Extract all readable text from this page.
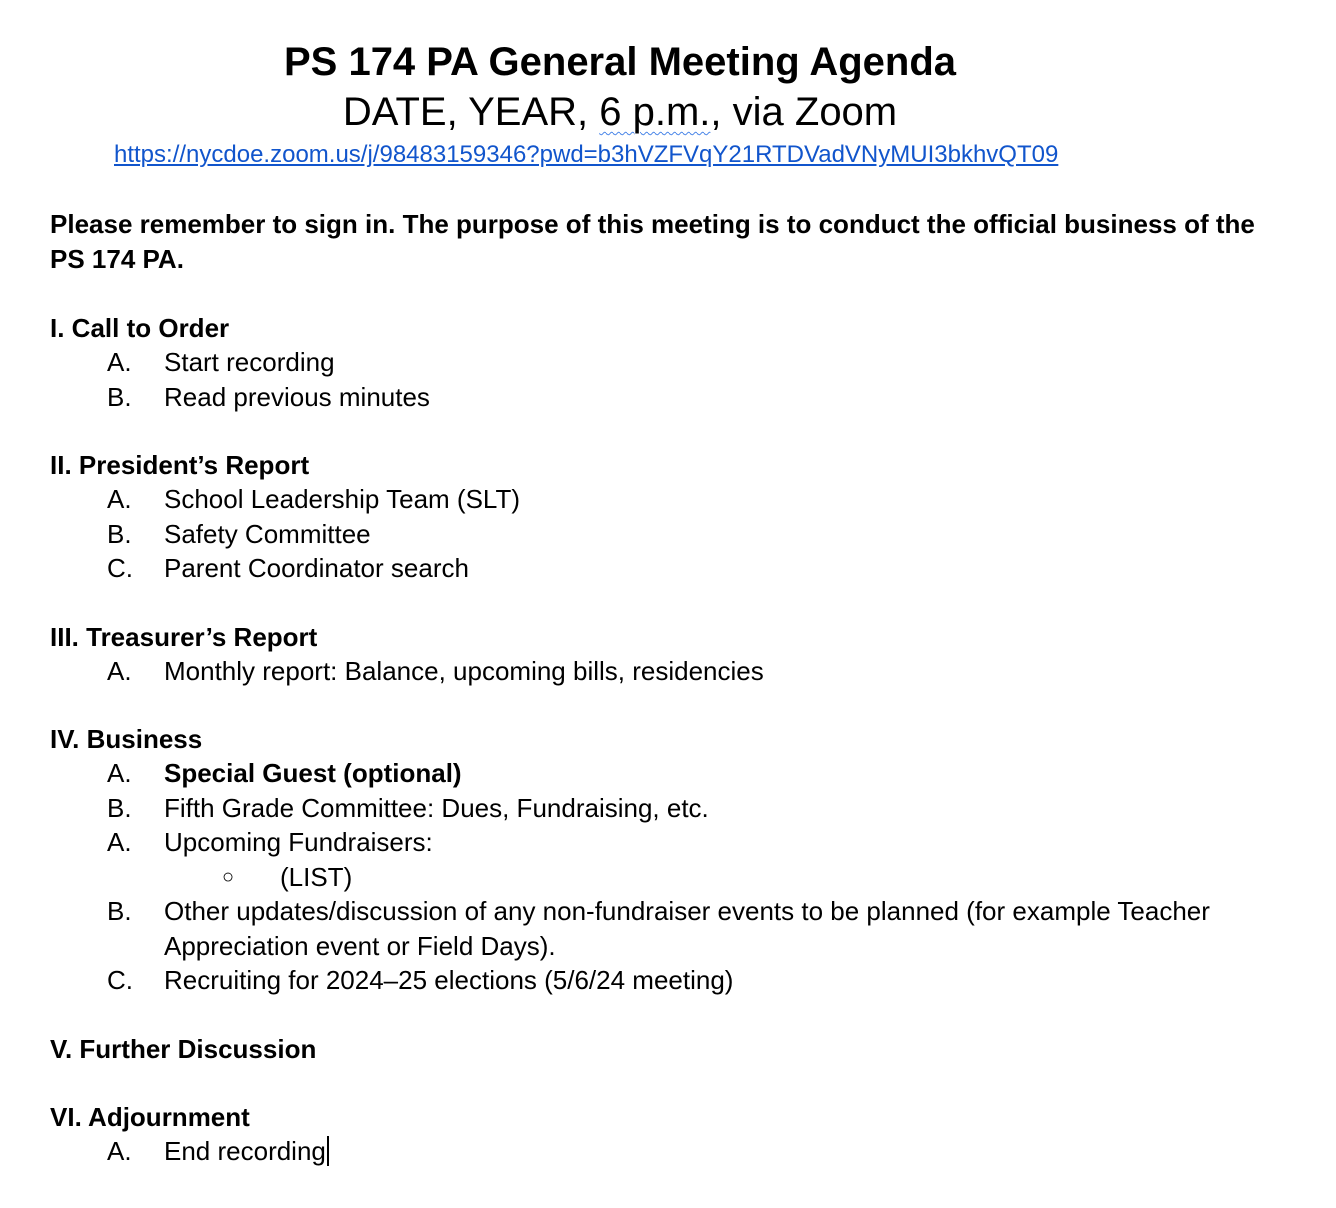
PS 174 PA General Meeting Agenda
DATE, YEAR, 6 p.m., via Zoom
https://nycdoe.zoom.us/j/98483159346?pwd=b3hVZFVqY21RTDVadVNyMUI3bkhvQT09
Please remember to sign in. The purpose of this meeting is to conduct the official business of the PS 174 PA.

I. Call to Order

A.	Start recording
B.	Read previous minutes

II. President’s Report

A.	School Leadership Team (SLT)
B.	Safety Committee
C.	Parent Coordinator search

III. Treasurer’s Report

A.	Monthly report: Balance, upcoming bills, residencies

IV. Business

A.	Special Guest (optional)
B.	Fifth Grade Committee: Dues, Fundraising, etc.
A.	Upcoming Fundraisers:
○	(LIST)
B.	Other updates/discussion of any non-fundraiser events to be planned (for example Teacher Appreciation event or Field Days).
C.	Recruiting for 2024–25 elections (5/6/24 meeting)

V. Further Discussion

VI. Adjournment

A.	End recording
